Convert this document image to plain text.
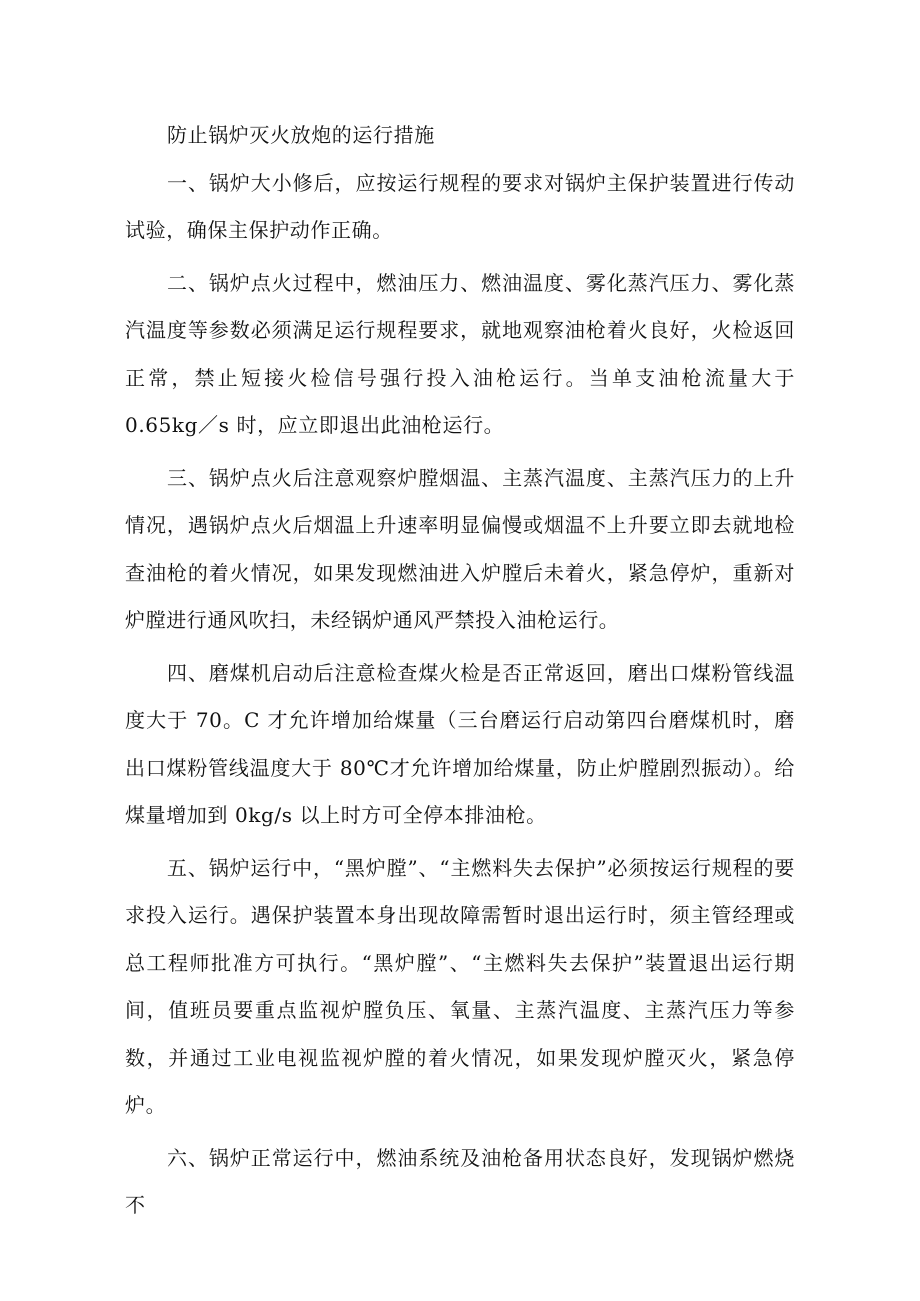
防止锅炉灭火放炮的运行措施

一、锅炉大小修后，应按运行规程的要求对锅炉主保护装置进行传动试验，确保主保护动作正确。

二、锅炉点火过程中，燃油压力、燃油温度、雾化蒸汽压力、雾化蒸汽温度等参数必须满足运行规程要求，就地观察油枪着火良好，火检返回正常，禁止短接火检信号强行投入油枪运行。当单支油枪流量大于 0.65kg／s 时，应立即退出此油枪运行。

三、锅炉点火后注意观察炉膛烟温、主蒸汽温度、主蒸汽压力的上升情况，遇锅炉点火后烟温上升速率明显偏慢或烟温不上升要立即去就地检查油枪的着火情况，如果发现燃油进入炉膛后未着火，紧急停炉，重新对炉膛进行通风吹扫，未经锅炉通风严禁投入油枪运行。

四、磨煤机启动后注意检查煤火检是否正常返回，磨出口煤粉管线温度大于 70。C 才允许增加给煤量（三台磨运行启动第四台磨煤机时，磨出口煤粉管线温度大于 80℃才允许增加给煤量，防止炉膛剧烈振动）。给煤量增加到 0kg/s 以上时方可全停本排油枪。

五、锅炉运行中，“黑炉膛”、“主燃料失去保护”必须按运行规程的要求投入运行。遇保护装置本身出现故障需暂时退出运行时，须主管经理或总工程师批准方可执行。“黑炉膛”、“主燃料失去保护”装置退出运行期间，值班员要重点监视炉膛负压、氧量、主蒸汽温度、主蒸汽压力等参数，并通过工业电视监视炉膛的着火情况，如果发现炉膛灭火，紧急停炉。

六、锅炉正常运行中，燃油系统及油枪备用状态良好，发现锅炉燃烧不
